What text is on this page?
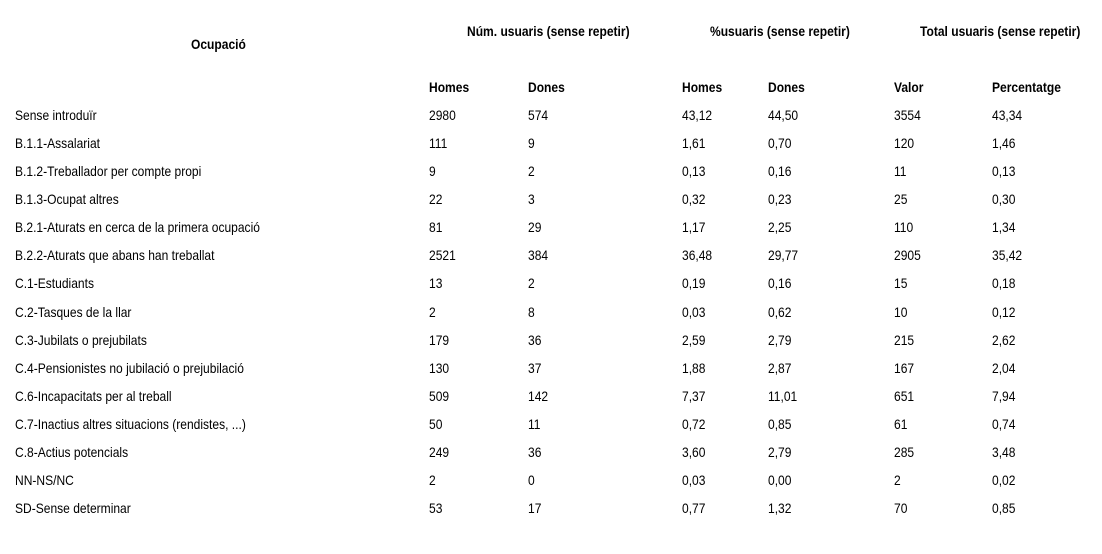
Ocupació
Núm. usuaris (sense repetir)	%usuaris (sense repetir)	Total usuaris (sense repetir)
Homes	Dones	Homes	Dones	Valor	Percentatge
Sense introduïr	2980	574	43,12	44,50	3554	43,34
B.1.1-Assalariat	111	9	1,61	0,70	120	1,46
B.1.2-Treballador per compte propi	9	2	0,13	0,16	11	0,13
B.1.3-Ocupat altres	22	3	0,32	0,23	25	0,30
B.2.1-Aturats en cerca de la primera ocupació	81	29	1,17	2,25	110	1,34
B.2.2-Aturats que abans han treballat	2521	384	36,48	29,77	2905	35,42
C.1-Estudiants	13	2	0,19	0,16	15	0,18
C.2-Tasques de la llar	2	8	0,03	0,62	10	0,12
C.3-Jubilats o prejubilats	179	36	2,59	2,79	215	2,62
C.4-Pensionistes no jubilació o prejubilació	130	37	1,88	2,87	167	2,04
C.6-Incapacitats per al treball	509	142	7,37	11,01	651	7,94
C.7-Inactius altres situacions (rendistes, ...)	50	11	0,72	0,85	61	0,74
C.8-Actius potencials	249	36	3,60	2,79	285	3,48
NN-NS/NC	2	0	0,03	0,00	2	0,02
SD-Sense determinar	53	17	0,77	1,32	70	0,85
